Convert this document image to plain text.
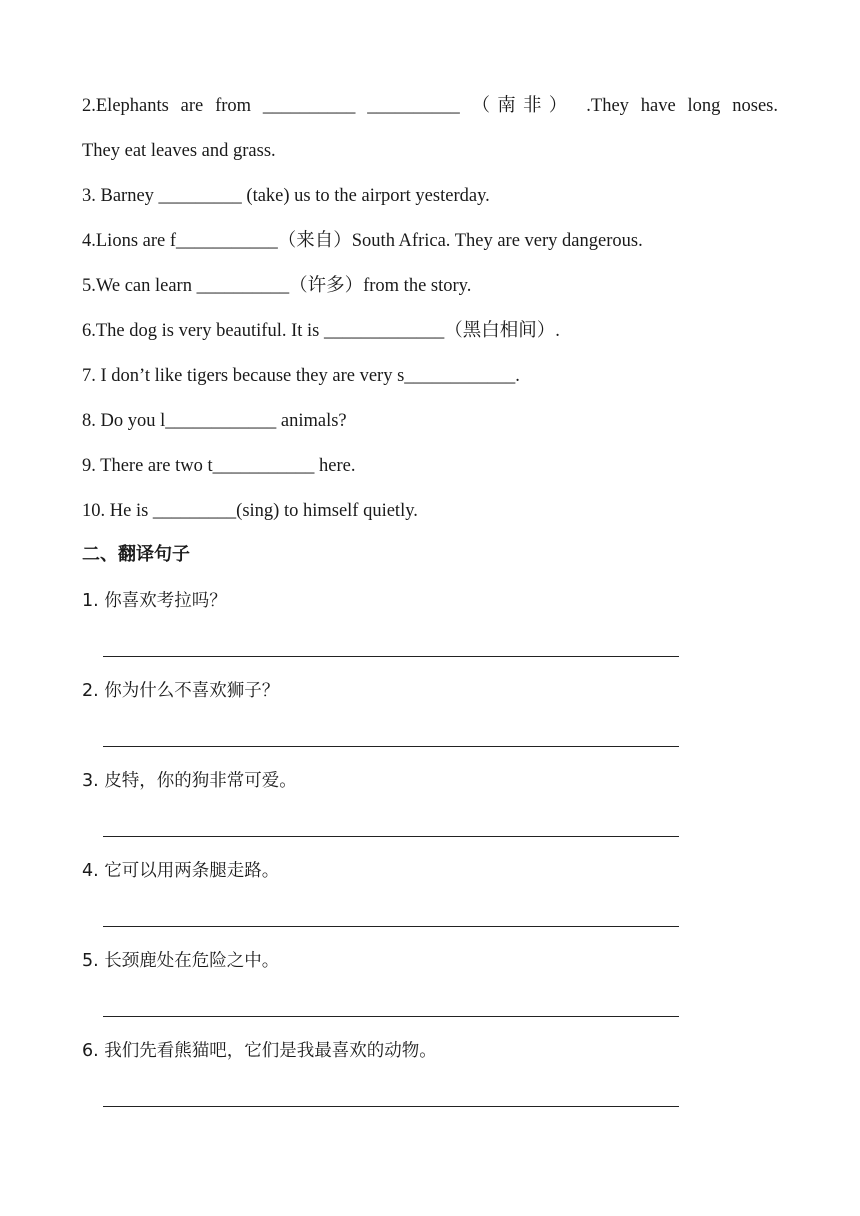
2.Elephants are from __________ __________ （南非） .They have long noses.
They eat leaves and grass.
3. Barney _________ (take) us to the airport yesterday.
4.Lions are f___________（来自）South Africa. They are very dangerous.
5.We can learn __________（许多）from the story.
6.The dog is very beautiful. It is _____________（黑白相间）.
7. I don’t like tigers because they are very s____________.
8. Do you l____________ animals?
9. There are two t___________ here.
10. He is _________(sing) to himself quietly.
二、翻译句子
1. 你喜欢考拉吗？
2. 你为什么不喜欢狮子？
3. 皮特，你的狗非常可爱。
4. 它可以用两条腿走路。
5. 长颈鹿处在危险之中。
6. 我们先看熊猫吧，它们是我最喜欢的动物。
